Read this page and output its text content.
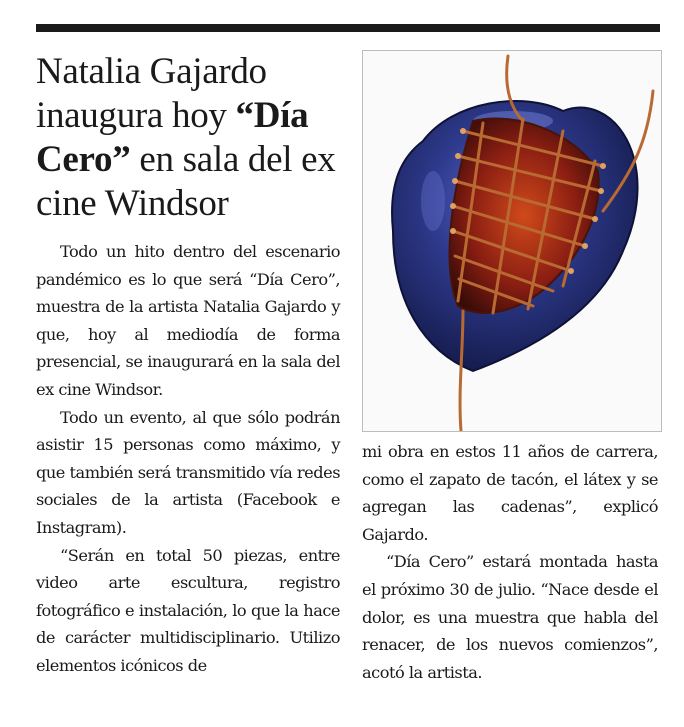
Natalia Gajardo inaugura hoy “Día Cero” en sala del ex cine Windsor

Todo un hito dentro del escenario pandémico es lo que será “Día Cero”, muestra de la artista Natalia Gajardo y que, hoy al mediodía de forma presencial, se inaugurará en la sala del ex cine Windsor.

Todo un evento, al que sólo podrán asistir 15 personas como máximo, y que también será transmitido vía redes sociales de la artista (Facebook e Instagram).

“Serán en total 50 piezas, entre video arte escultura, registro fotográfico e instalación, lo que la hace de carácter multidisciplinario. Utilizo elementos icónicos de

mi obra en estos 11 años de carrera, como el zapato de tacón, el látex y se agregan las cadenas”, explicó Gajardo.

“Día Cero” estará montada hasta el próximo 30 de julio. “Nace desde el dolor, es una muestra que habla del renacer, de los nuevos comienzos”, acotó la artista.
